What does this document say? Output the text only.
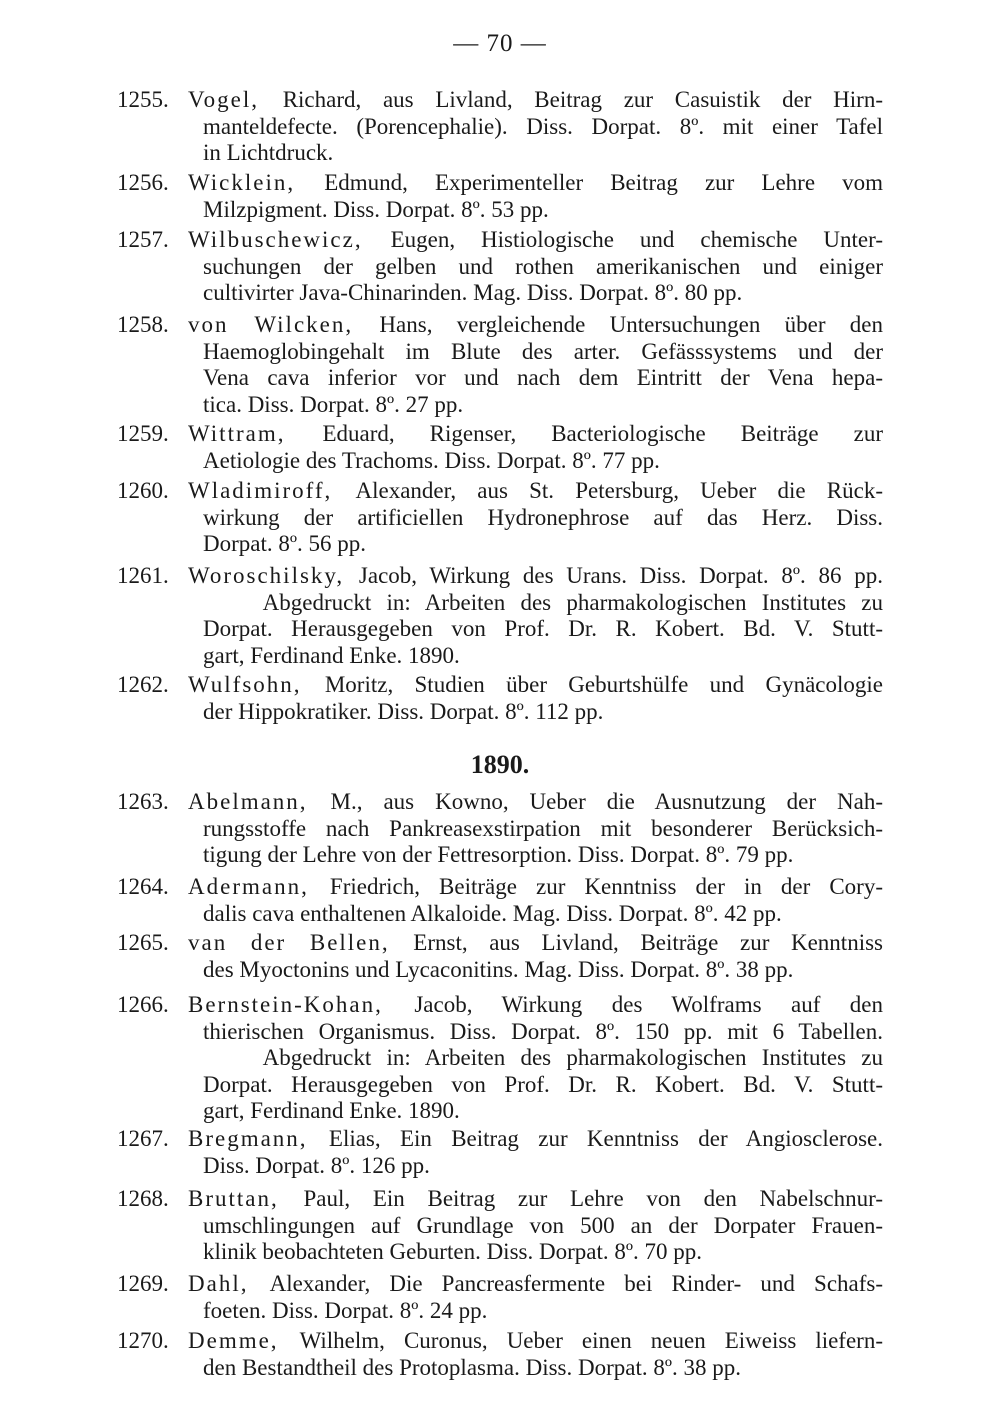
— 70 —
1890.
1255. Vogel, Richard, aus Livland, Beitrag zur Casuistik der Hirn-
manteldefecte. (Porencephalie). Diss. Dorpat. 8º. mit einer Tafel
in Lichtdruck.
1256. Wicklein, Edmund, Experimenteller Beitrag zur Lehre vom
Milzpigment. Diss. Dorpat. 8º. 53 pp.
1257. Wilbuschewicz, Eugen, Histiologische und chemische Unter-
suchungen der gelben und rothen amerikanischen und einiger
cultivirter Java-Chinarinden. Mag. Diss. Dorpat. 8º. 80 pp.
1258. von Wilcken, Hans, vergleichende Untersuchungen über den
Haemoglobingehalt im Blute des arter. Gefässsystems und der
Vena cava inferior vor und nach dem Eintritt der Vena hepa-
tica. Diss. Dorpat. 8º. 27 pp.
1259. Wittram, Eduard, Rigenser, Bacteriologische Beiträge zur
Aetiologie des Trachoms. Diss. Dorpat. 8º. 77 pp.
1260. Wladimiroff, Alexander, aus St. Petersburg, Ueber die Rück-
wirkung der artificiellen Hydronephrose auf das Herz. Diss.
Dorpat. 8º. 56 pp.
1261. Woroschilsky, Jacob, Wirkung des Urans. Diss. Dorpat. 8º. 86 pp.
Abgedruckt in: Arbeiten des pharmakologischen Institutes zu
Dorpat. Herausgegeben von Prof. Dr. R. Kobert. Bd. V. Stutt-
gart, Ferdinand Enke. 1890.
1262. Wulfsohn, Moritz, Studien über Geburtshülfe und Gynäcologie
der Hippokratiker. Diss. Dorpat. 8º. 112 pp.
1263. Abelmann, M., aus Kowno, Ueber die Ausnutzung der Nah-
rungsstoffe nach Pankreasexstirpation mit besonderer Berücksich-
tigung der Lehre von der Fettresorption. Diss. Dorpat. 8º. 79 pp.
1264. Adermann, Friedrich, Beiträge zur Kenntniss der in der Cory-
dalis cava enthaltenen Alkaloide. Mag. Diss. Dorpat. 8º. 42 pp.
1265. van der Bellen, Ernst, aus Livland, Beiträge zur Kenntniss
des Myoctonins und Lycaconitins. Mag. Diss. Dorpat. 8º. 38 pp.
1266. Bernstein-Kohan, Jacob, Wirkung des Wolframs auf den
thierischen Organismus. Diss. Dorpat. 8º. 150 pp. mit 6 Tabellen.
Abgedruckt in: Arbeiten des pharmakologischen Institutes zu
Dorpat. Herausgegeben von Prof. Dr. R. Kobert. Bd. V. Stutt-
gart, Ferdinand Enke. 1890.
1267. Bregmann, Elias, Ein Beitrag zur Kenntniss der Angiosclerose.
Diss. Dorpat. 8º. 126 pp.
1268. Bruttan, Paul, Ein Beitrag zur Lehre von den Nabelschnur-
umschlingungen auf Grundlage von 500 an der Dorpater Frauen-
klinik beobachteten Geburten. Diss. Dorpat. 8º. 70 pp.
1269. Dahl, Alexander, Die Pancreasfermente bei Rinder- und Schafs-
foeten. Diss. Dorpat. 8º. 24 pp.
1270. Demme, Wilhelm, Curonus, Ueber einen neuen Eiweiss liefern-
den Bestandtheil des Protoplasma. Diss. Dorpat. 8º. 38 pp.
